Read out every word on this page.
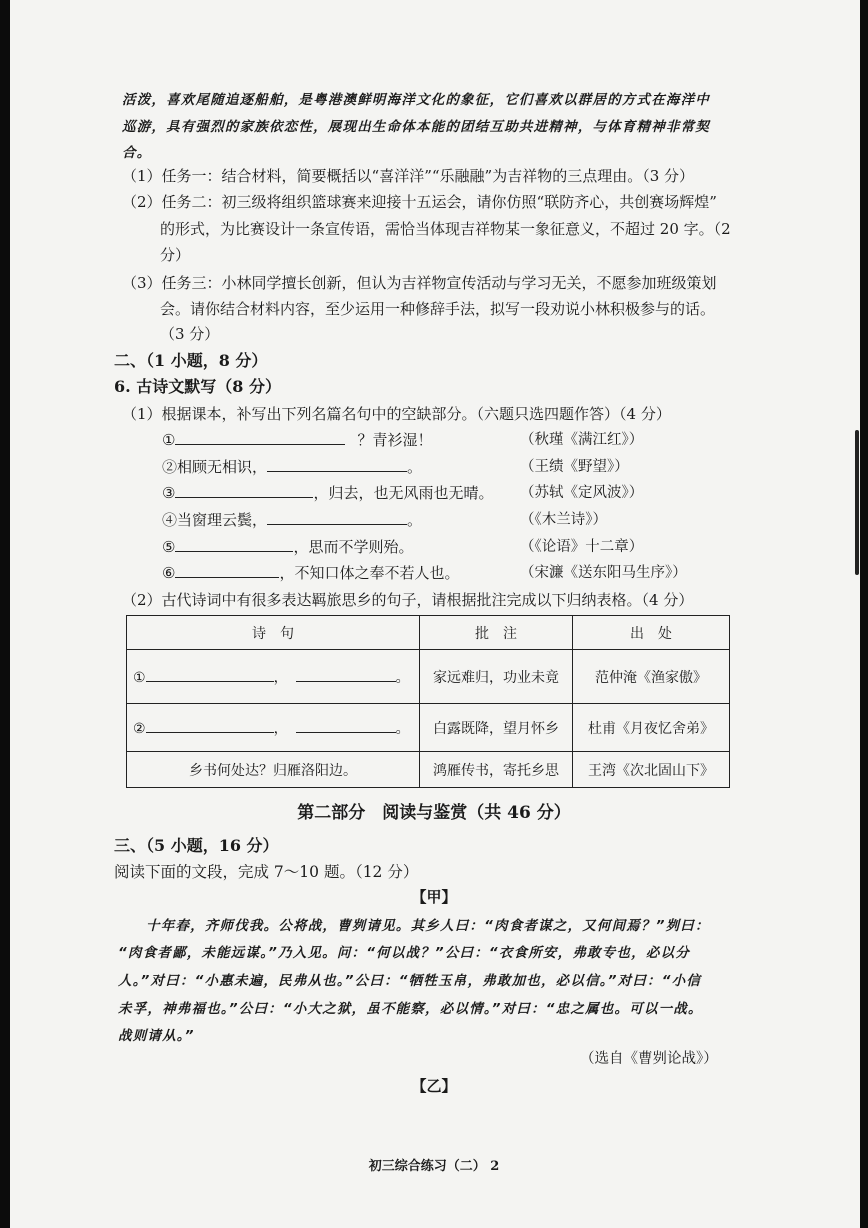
活泼，喜欢尾随追逐船舶，是粤港澳鲜明海洋文化的象征，它们喜欢以群居的方式在海洋中
巡游，具有强烈的家族依恋性，展现出生命体本能的团结互助共进精神，与体育精神非常契
合。
（1）任务一：结合材料，简要概括以“喜洋洋”“乐融融”为吉祥物的三点理由。（3 分）
（2）任务二：初三级将组织篮球赛来迎接十五运会，请你仿照“联防齐心，共创赛场辉煌”
的形式，为比赛设计一条宣传语，需恰当体现吉祥物某一象征意义，不超过 20 字。（2
分）
（3）任务三：小林同学擅长创新，但认为吉祥物宣传活动与学习无关，不愿参加班级策划
会。请你结合材料内容，至少运用一种修辞手法，拟写一段劝说小林积极参与的话。
（3 分）
二、（1 小题，8 分）
6. 古诗文默写（8 分）
（1）根据课本，补写出下列名篇名句中的空缺部分。（六题只选四题作答）（4 分）
①	？青衫湿！	（秋瑾《满江红》）
②相顾无相识，	。	（王绩《野望》）
③	，归去，也无风雨也无晴。 （苏轼《定风波》）
④当窗理云鬓，	。	（《木兰诗》）
⑤	，思而不学则殆。	（《论语》十二章）
⑥	，不知口体之奉不若人也。	（宋濂《送东阳马生序》）
（2）古代诗词中有很多表达羁旅思乡的句子，请根据批注完成以下归纳表格。（4 分）
诗　句	批　注	出　处
① ， 。	家远难归，功业未竟	范仲淹《渔家傲》
② ， 。	白露既降，望月怀乡	杜甫《月夜忆舍弟》
乡书何处达？归雁洛阳边。	鸿雁传书，寄托乡思	王湾《次北固山下》
第二部分　阅读与鉴赏（共 46 分）
三、（5 小题，16 分）
阅读下面的文段，完成 7～10 题。（12 分）
【甲】
十年春，齐师伐我。公将战，曹刿请见。其乡人曰：“肉食者谋之，又何间焉？”刿曰：
“肉食者鄙，未能远谋。”乃入见。问：“何以战？”公曰：“衣食所安，弗敢专也，必以分
人。”对曰：“小惠未遍，民弗从也。”公曰：“牺牲玉帛，弗敢加也，必以信。”对曰：“小信
未孚，神弗福也。”公曰：“小大之狱，虽不能察，必以情。”对曰：“忠之属也。可以一战。
战则请从。”
（选自《曹刿论战》）
【乙】
初三综合练习（二） 2
